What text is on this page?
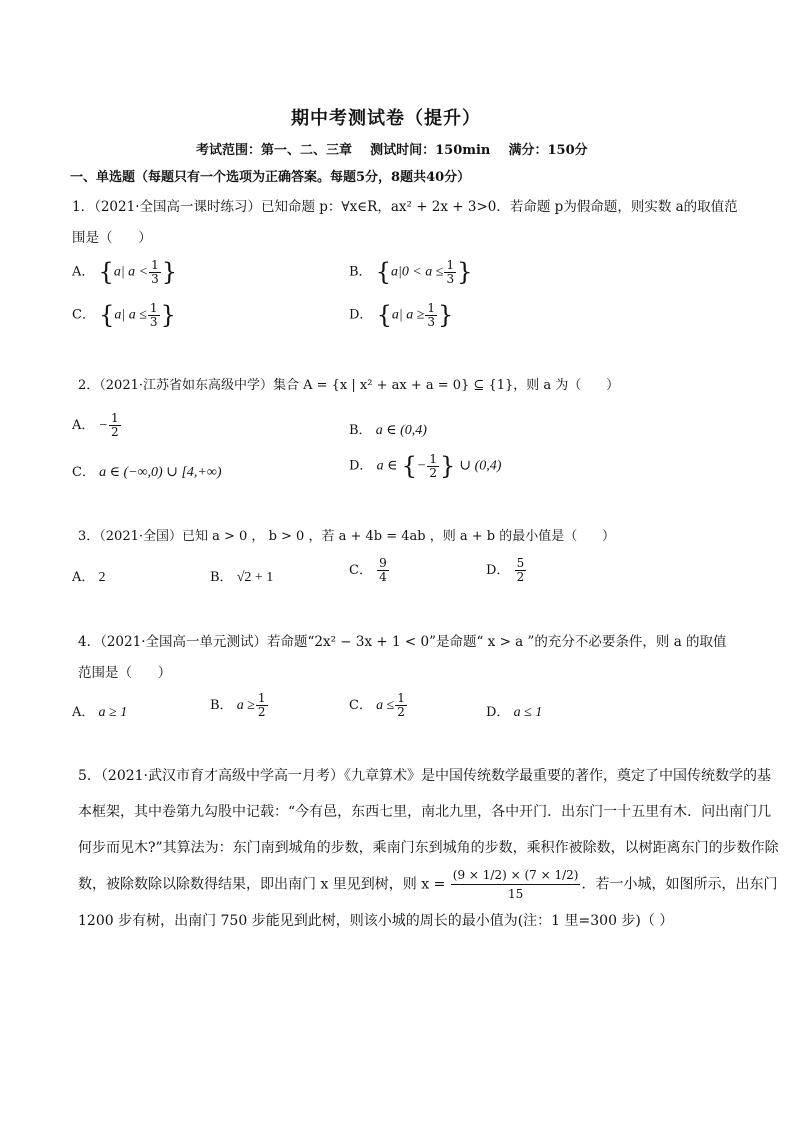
期中考测试卷（提升）
考试范围：第一、二、三章    测试时间：150min    满分：150分
一、单选题（每题只有一个选项为正确答案。每题5分，8题共40分）
1．（2021·全国高一课时练习）已知命题 p：∀x∈R，ax² + 2x + 3>0．若命题 p为假命题，则实数 a的取值范
围是（      ）
A． {a| $a < \frac{1}{3}$ }	B． {$a|0 < a \le \frac{1}{3}$ }
C． {a| $a \le \frac{1}{3}$ }	D． {a| $a \ge \frac{1}{3}$ }
2．（2021·江苏省如东高级中学）集合 A = {x | x² + ax + a = 0} ⊆ {1}，则 a 为（      ）
A． − $\frac{1}{2}$	B． a ∈ (0,4)
C． a ∈ (−∞,0) ∪ [4,+∞)	D． a ∈ {− $\frac{1}{2}$ } ∪ (0,4)
3．（2021·全国）已知 a > 0 ， b > 0 ，若 a + 4b = 4ab ，则 a + b 的最小值是（      ）
A． 2	B． √2 + 1	C． $\frac{9}{4}$	D． $\frac{5}{2}$
4．（2021·全国高一单元测试）若命题“2x² − 3x + 1 < 0”是命题“ x > a ”的充分不必要条件，则 a 的取值
范围是（      ）
A． a ≥ 1	B． $a \ge \frac{1}{2}$	C． $a \le \frac{1}{2}$	D． a ≤ 1
5．（2021·武汉市育才高级中学高一月考）《九章算术》是中国传统数学最重要的著作，奠定了中国传统数学的基本框架，其中卷第九勾股中记载：“今有邑，东西七里，南北九里，各中开门．出东门一十五里有木．问出南门几何步而见木?”其算法为：东门南到城角的步数，乘南门东到城角的步数，乘积作被除数，以树距离东门的步数作除数，被除数除以除数得结果，即出南门 x 里见到树，则 $x = \frac{(9 \times 1/2) \times (7 \times 1/2)}{15}$ ．若一小城，如图所示，出东门 1200 步有树，出南门 750 步能见到此树，则该小城的周长的最小值为(注：1 里=300 步)（ ）
